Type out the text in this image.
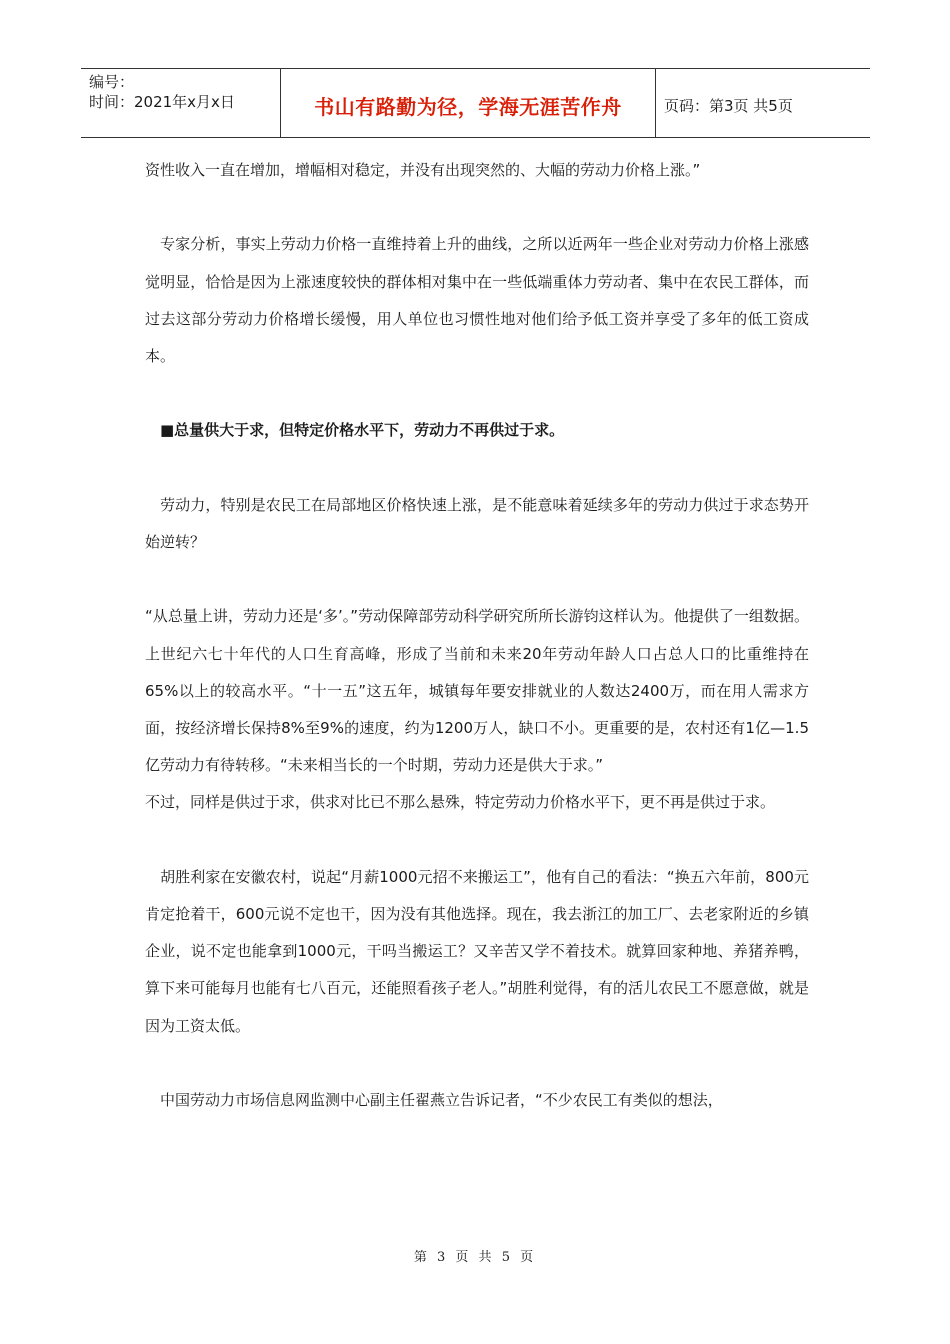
编号：
时间：2021年x月x日	书山有路勤为径，学海无涯苦作舟	页码：第3页 共5页

资性收入一直在增加，增幅相对稳定，并没有出现突然的、大幅的劳动力价格上涨。”

　专家分析，事实上劳动力价格一直维持着上升的曲线，之所以近两年一些企业对劳动力价格上涨感觉明显，恰恰是因为上涨速度较快的群体相对集中在一些低端重体力劳动者、集中在农民工群体，而过去这部分劳动力价格增长缓慢，用人单位也习惯性地对他们给予低工资并享受了多年的低工资成本。

　■总量供大于求，但特定价格水平下，劳动力不再供过于求。

　劳动力，特别是农民工在局部地区价格快速上涨，是不能意味着延续多年的劳动力供过于求态势开始逆转？

“从总量上讲，劳动力还是‘多’。”劳动保障部劳动科学研究所所长游钧这样认为。他提供了一组数据。上世纪六七十年代的人口生育高峰，形成了当前和未来20年劳动年龄人口占总人口的比重维持在65%以上的较高水平。“十一五”这五年，城镇每年要安排就业的人数达2400万，而在用人需求方面，按经济增长保持8%至9%的速度，约为1200万人，缺口不小。更重要的是，农村还有1亿—1.5亿劳动力有待转移。“未来相当长的一个时期，劳动力还是供大于求。”

不过，同样是供过于求，供求对比已不那么悬殊，特定劳动力价格水平下，更不再是供过于求。

　胡胜利家在安徽农村，说起“月薪1000元招不来搬运工”，他有自己的看法：“换五六年前，800元肯定抢着干，600元说不定也干，因为没有其他选择。现在，我去浙江的加工厂、去老家附近的乡镇企业，说不定也能拿到1000元，干吗当搬运工？又辛苦又学不着技术。就算回家种地、养猪养鸭，算下来可能每月也能有七八百元，还能照看孩子老人。”胡胜利觉得，有的活儿农民工不愿意做，就是因为工资太低。

　中国劳动力市场信息网监测中心副主任翟燕立告诉记者，“不少农民工有类似的想法，

第 3 页 共 5 页
